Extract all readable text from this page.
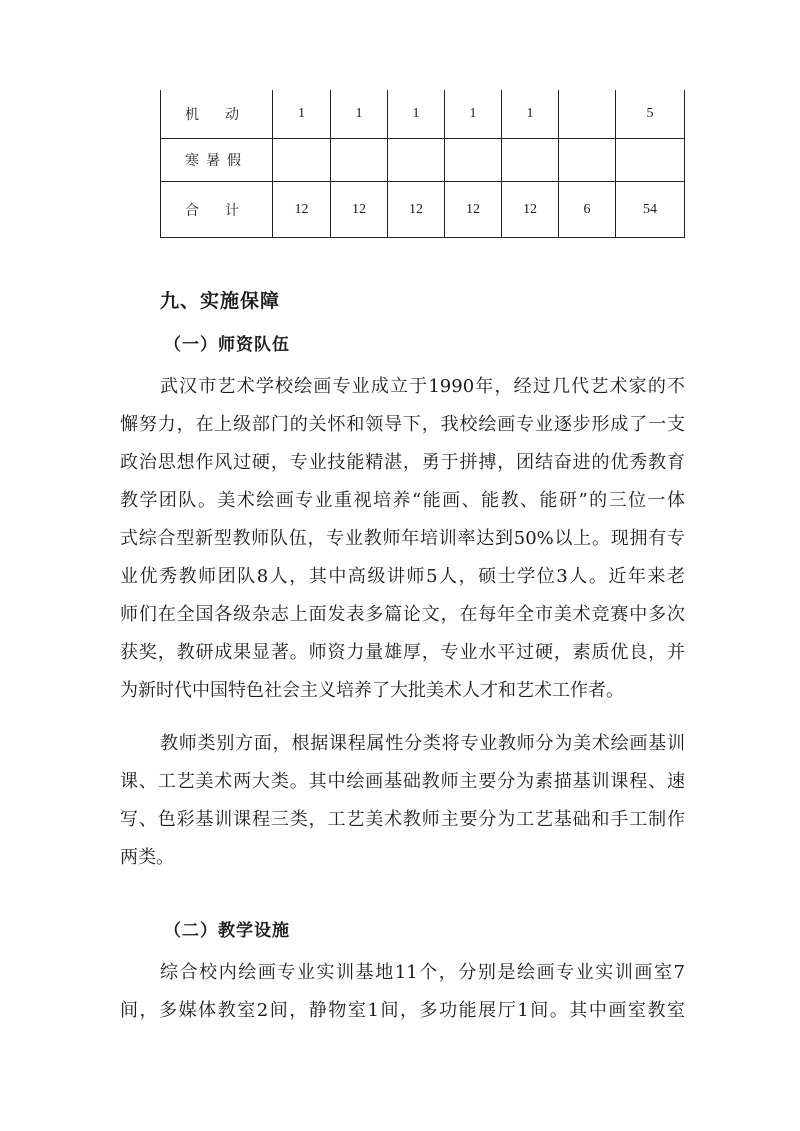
机动	1	1	1	1	1		5
寒暑假							
合计	12	12	12	12	12	6	54
九、实施保障
（一）师资队伍
武汉市艺术学校绘画专业成立于1990年，经过几代艺术家的不
懈努力，在上级部门的关怀和领导下，我校绘画专业逐步形成了一支
政治思想作风过硬，专业技能精湛，勇于拼搏，团结奋进的优秀教育
教学团队。美术绘画专业重视培养“能画、能教、能研”的三位一体
式综合型新型教师队伍，专业教师年培训率达到50%以上。现拥有专
业优秀教师团队8人，其中高级讲师5人，硕士学位3人。近年来老
师们在全国各级杂志上面发表多篇论文，在每年全市美术竞赛中多次
获奖，教研成果显著。师资力量雄厚，专业水平过硬，素质优良，并
为新时代中国特色社会主义培养了大批美术人才和艺术工作者。
教师类别方面，根据课程属性分类将专业教师分为美术绘画基训
课、工艺美术两大类。其中绘画基础教师主要分为素描基训课程、速
写、色彩基训课程三类，工艺美术教师主要分为工艺基础和手工制作
两类。
（二）教学设施
综合校内绘画专业实训基地11个，分别是绘画专业实训画室7
间，多媒体教室2间，静物室1间，多功能展厅1间。其中画室教室
